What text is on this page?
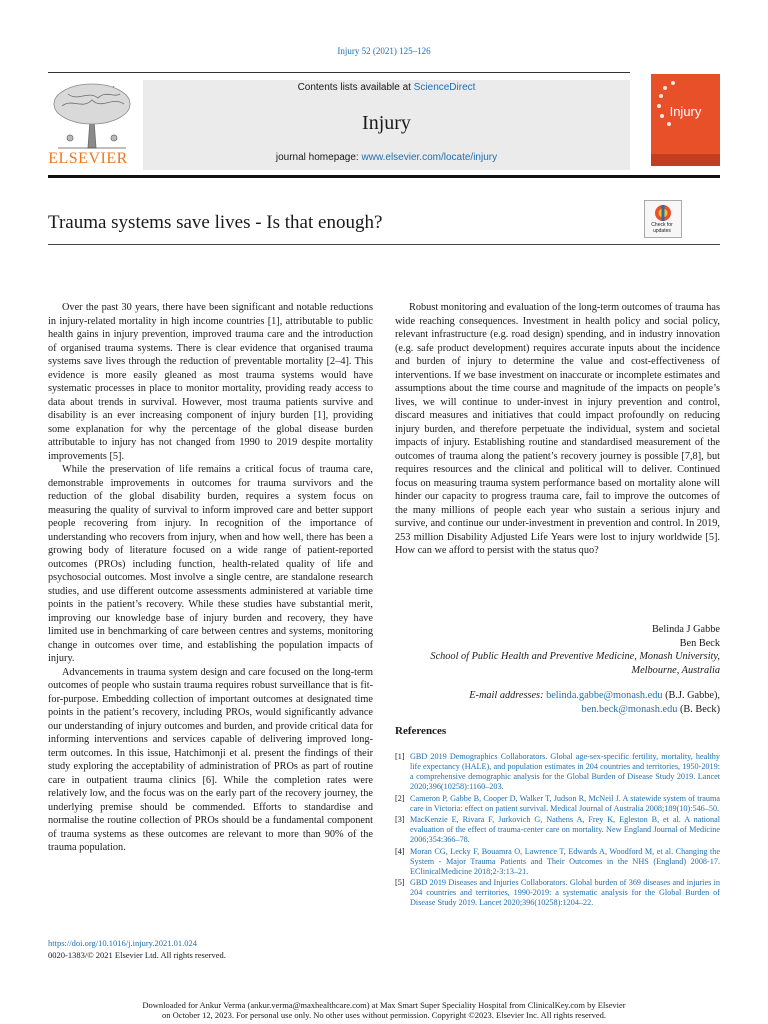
Injury 52 (2021) 125–126
ELSEVIER
Contents lists available at ScienceDirect
Injury
journal homepage: www.elsevier.com/locate/injury
Injury
Trauma systems save lives - Is that enough?	Check for updates

Over the past 30 years, there have been significant and notable reductions in injury-related mortality in high income countries [1], attributable to public health gains in injury prevention, improved trauma care and the introduction of organised trauma systems. There is clear evidence that organised trauma systems save lives through the reduction of preventable mortality [2–4]. This evidence is more easily gleaned as most trauma systems would have systematic processes in place to monitor mortality, providing ready access to data about trends in survival. However, most trauma patients survive and disability is an ever increasing component of injury burden [1], providing some explanation for why the percentage of the global disease burden attributable to injury has not changed from 1990 to 2019 despite mortality improvements [5].

While the preservation of life remains a critical focus of trauma care, demonstrable improvements in outcomes for trauma survivors and the reduction of the global disability burden, requires a system focus on measuring the quality of survival to inform improved care and better support people recovering from injury. In recognition of the importance of understanding who recovers from injury, when and how well, there has been a growing body of literature focused on a wide range of patient-reported outcomes (PROs) including function, health-related quality of life and psychosocial outcomes. Most involve a single centre, are standalone research studies, and use different outcome assessments administered at variable time points in the patient’s recovery. While these studies have substantial merit, improving our knowledge base of injury burden and recovery, they have limited use in benchmarking of care between centres and systems, monitoring change in outcomes over time, and establishing the population impacts of injury.

Advancements in trauma system design and care focused on the long-term outcomes of people who sustain trauma requires robust surveillance that is fit-for-purpose. Embedding collection of important outcomes at designated time points in the patient’s recovery, including PROs, would significantly advance our understanding of injury outcomes and burden, and provide critical data for informing interventions and services capable of delivering improved long-term outcomes. In this issue, Hatchimonji et al. present the findings of their study exploring the acceptability of administration of PROs as part of routine care in outpatient trauma clinics [6]. While the completion rates were relatively low, and the focus was on the early part of the recovery journey, the underlying premise should be commended. Efforts to standardise and normalise the routine collection of PROs should be a fundamental component of trauma systems as these outcomes are relevant to more than 90% of the trauma population.

Robust monitoring and evaluation of the long-term outcomes of trauma has wide reaching consequences. Investment in health policy and social policy, relevant infrastructure (e.g. road design) spending, and in industry innovation (e.g. safe product development) requires accurate inputs about the incidence and burden of injury to determine the value and cost-effectiveness of interventions. If we base investment on inaccurate or incomplete estimates and assumptions about the time course and magnitude of the impacts on people’s lives, we will continue to under-invest in injury prevention and control, discard measures and initiatives that could impact profoundly on reducing injury burden, and therefore perpetuate the individual, system and societal impacts of injury. Establishing routine and standardised measurement of the outcomes of trauma along the patient’s recovery journey is possible [7,8], but requires resources and the clinical and political will to deliver. Continued focus on measuring trauma system performance based on mortality alone will hinder our capacity to progress trauma care, fail to improve the outcomes of the many millions of people each year who sustain a serious injury and survive, and continue our under-investment in prevention and control. In 2019, 253 million Disability Adjusted Life Years were lost to injury worldwide [5]. How can we afford to persist with the status quo?

Belinda J Gabbe
Ben Beck
School of Public Health and Preventive Medicine, Monash University,
Melbourne, Australia
E-mail addresses: belinda.gabbe@monash.edu (B.J. Gabbe),
ben.beck@monash.edu (B. Beck)
References
[1] GBD 2019 Demographics Collaborators. Global age-sex-specific fertility, mortality, healthy life expectancy (HALE), and population estimates in 204 countries and territories, 1950-2019: a comprehensive demographic analysis for the Global Burden of Disease Study 2019. Lancet 2020;396(10258):1160–203.
[2] Cameron P, Gabbe B, Cooper D, Walker T, Judson R, McNeil J. A statewide system of trauma care in Victoria: effect on patient survival. Medical Journal of Australia 2008;189(10):546–50.
[3] MacKenzie E, Rivara F, Jurkovich G, Nathens A, Frey K, Egleston B, et al. A national evaluation of the effect of trauma-center care on mortality. New England Journal of Medicine 2006;354:366–78.
[4] Moran CG, Lecky F, Bouamra O, Lawrence T, Edwards A, Woodford M, et al. Changing the System - Major Trauma Patients and Their Outcomes in the NHS (England) 2008-17. EClinicalMedicine 2018;2-3:13–21.
[5] GBD 2019 Diseases and Injuries Collaborators. Global burden of 369 diseases and injuries in 204 countries and territories, 1990-2019: a systematic analysis for the Global Burden of Disease Study 2019. Lancet 2020;396(10258):1204–22.
https://doi.org/10.1016/j.injury.2021.01.024
0020-1383/© 2021 Elsevier Ltd. All rights reserved.
Downloaded for Ankur Verma (ankur.verma@maxhealthcare.com) at Max Smart Super Speciality Hospital from ClinicalKey.com by Elsevier
on October 12, 2023. For personal use only. No other uses without permission. Copyright ©2023. Elsevier Inc. All rights reserved.
